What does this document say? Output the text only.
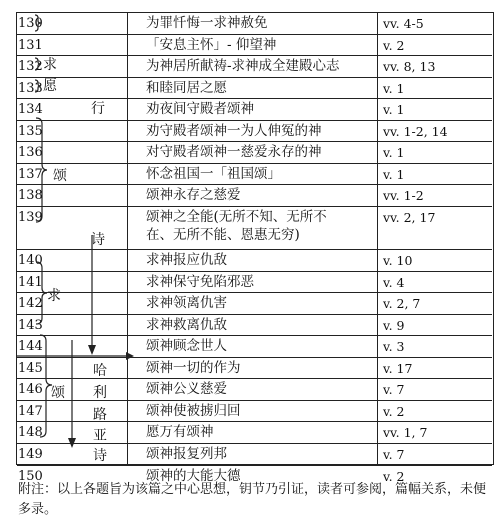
130	为罪忏悔一求神赦免	vv. 4-5
131	「安息主怀」- 仰望神	v. 2
132	为神居所献祷-求神成全建殿心志	vv. 8, 13
133	和睦同居之愿	v. 1
134	劝夜间守殿者颂神	v. 1
135	劝守殿者颂神一为人伸冤的神	vv. 1-2, 14
136	对守殿者颂神一慈爱永存的神	v. 1
137	怀念祖国一「祖国颂」	v. 1
138	颂神永存之慈爱	vv. 1-2
139	颂神之全能(无所不知、无所不
在、无所不能、恩惠无穷)
vv. 2, 17
140	求神报应仇敌	v. 10
141	求神保守免陷邪恶	v. 4
142	求神领离仇害	v. 2, 7
143	求神救离仇敌	v. 9
144	颂神顾念世人	v. 3
145	颂神一切的作为	v. 17
146	颂神公义慈爱	v. 7
147	颂神使被掳归回	v. 2
148	愿万有颂神	vv. 1, 7
149	颂神报复列邦	v. 7
150	颂神的大能大德	v. 2
求
愿
行
颂
诗
求
颂
哈
利
路
亚
诗
附注：以上各题旨为该篇之中心思想，钥节乃引证，读者可参阅，篇幅关系，未便多录。
